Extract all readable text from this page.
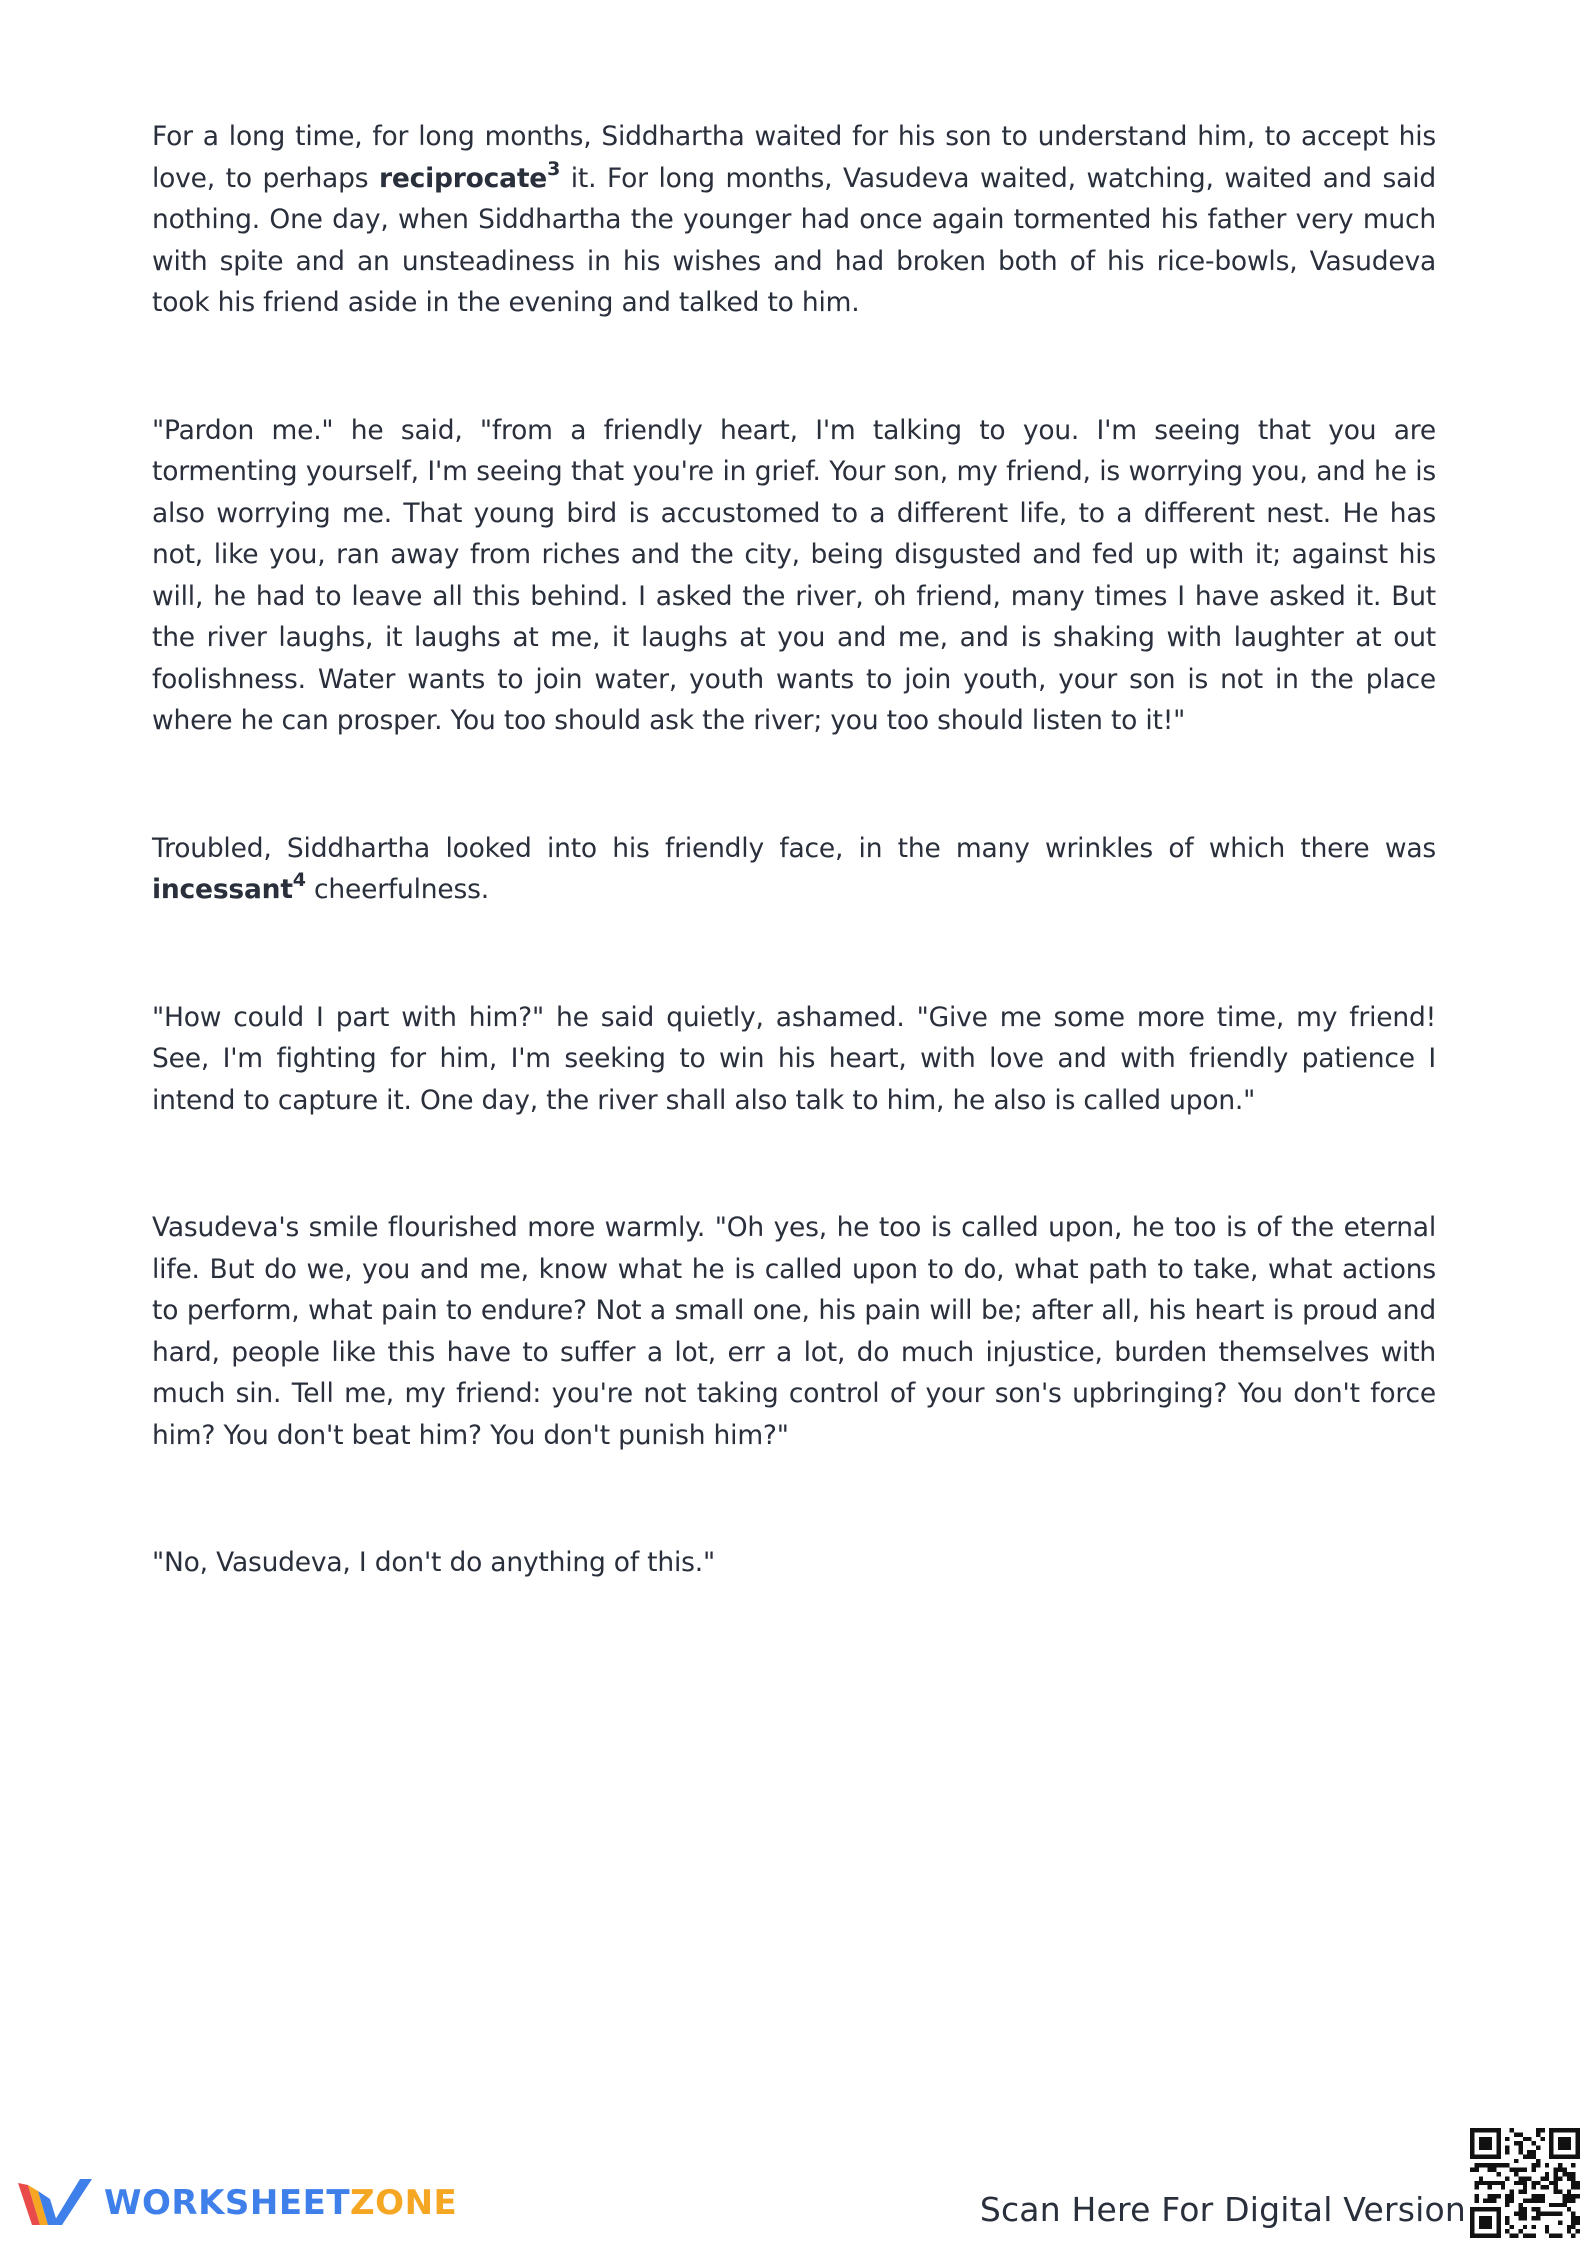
For a long time, for long months, Siddhartha waited for his son to understand him, to accept his love, to perhaps reciprocate$^3$ it. For long months, Vasudeva waited, watching, waited and said nothing. One day, when Siddhartha the younger had once again tormented his father very much with spite and an unsteadiness in his wishes and had broken both of his rice-bowls, Vasudeva took his friend aside in the evening and talked to him.

"Pardon me." he said, "from a friendly heart, I'm talking to you. I'm seeing that you are tormenting yourself, I'm seeing that you're in grief. Your son, my friend, is worrying you, and he is also worrying me. That young bird is accustomed to a different life, to a different nest. He has not, like you, ran away from riches and the city, being disgusted and fed up with it; against his will, he had to leave all this behind. I asked the river, oh friend, many times I have asked it. But the river laughs, it laughs at me, it laughs at you and me, and is shaking with laughter at out foolishness. Water wants to join water, youth wants to join youth, your son is not in the place where he can prosper. You too should ask the river; you too should listen to it!"

Troubled, Siddhartha looked into his friendly face, in the many wrinkles of which there was incessant$^4$ cheerfulness.

"How could I part with him?" he said quietly, ashamed. "Give me some more time, my friend! See, I'm fighting for him, I'm seeking to win his heart, with love and with friendly patience I intend to capture it. One day, the river shall also talk to him, he also is called upon."

Vasudeva's smile flourished more warmly. "Oh yes, he too is called upon, he too is of the eternal life. But do we, you and me, know what he is called upon to do, what path to take, what actions to perform, what pain to endure? Not a small one, his pain will be; after all, his heart is proud and hard, people like this have to suffer a lot, err a lot, do much injustice, burden themselves with much sin. Tell me, my friend: you're not taking control of your son's upbringing? You don't force him? You don't beat him? You don't punish him?"

"No, Vasudeva, I don't do anything of this."

WORKSHEETZONE	Scan Here For Digital Version
